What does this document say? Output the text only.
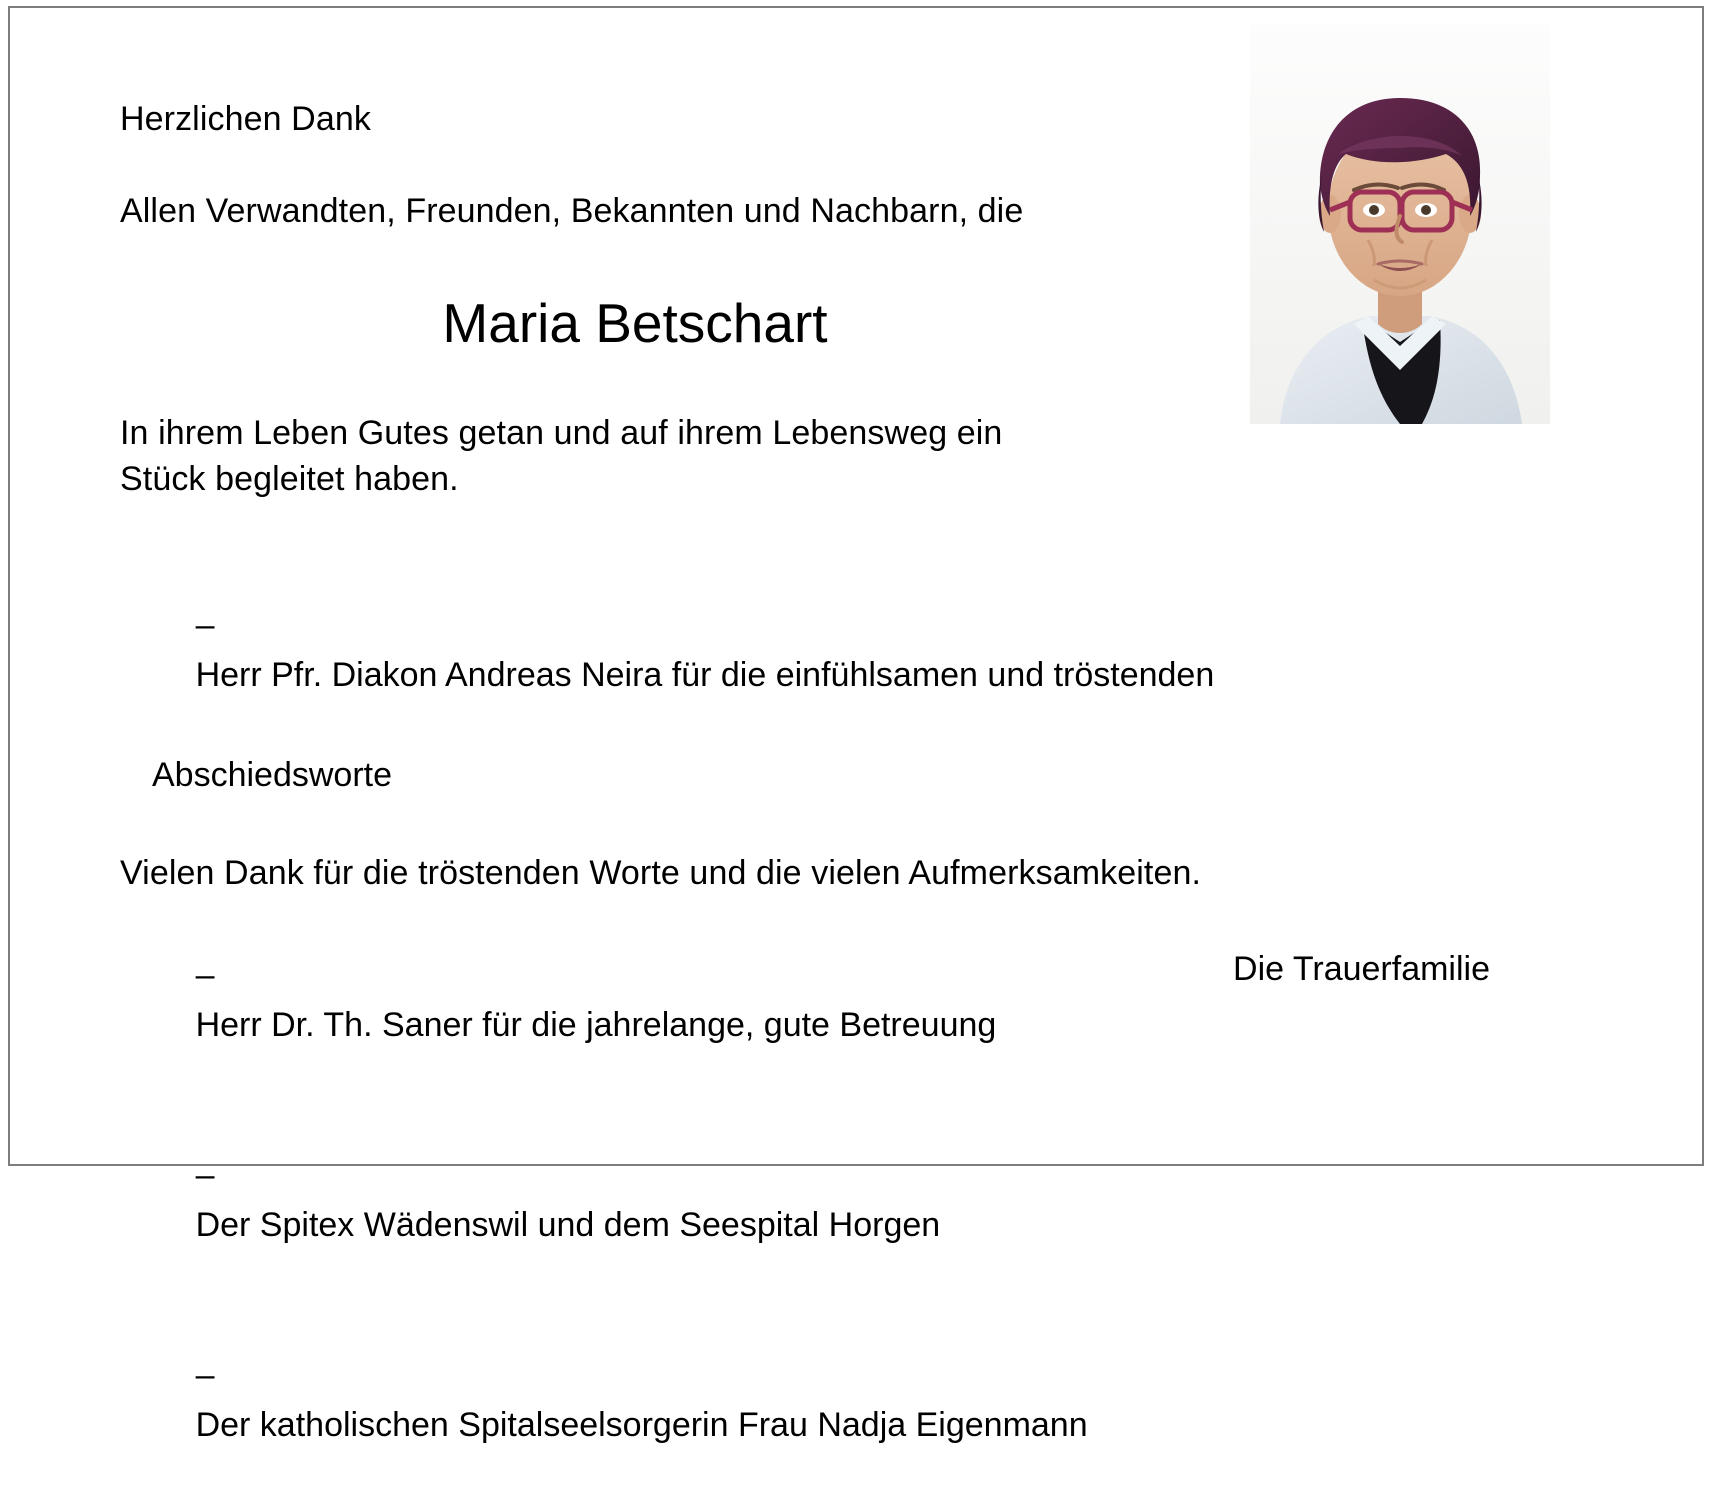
Herzlichen Dank
Allen Verwandten, Freunden, Bekannten und Nachbarn, die
Maria Betschart
In ihrem Leben Gutes getan und auf ihrem Lebensweg ein
Stück begleitet haben.

–
Herr Pfr. Diakon Andreas Neira für die einfühlsamen und tröstenden

Abschiedsworte

–
Herr Dr. Th. Saner für die jahrelange, gute Betreuung

–
Der Spitex Wädenswil und dem Seespital Horgen

–
Der katholischen Spitalseelsorgerin Frau Nadja Eigenmann

Vielen Dank für die tröstenden Worte und die vielen Aufmerksamkeiten.
Die Trauerfamilie
